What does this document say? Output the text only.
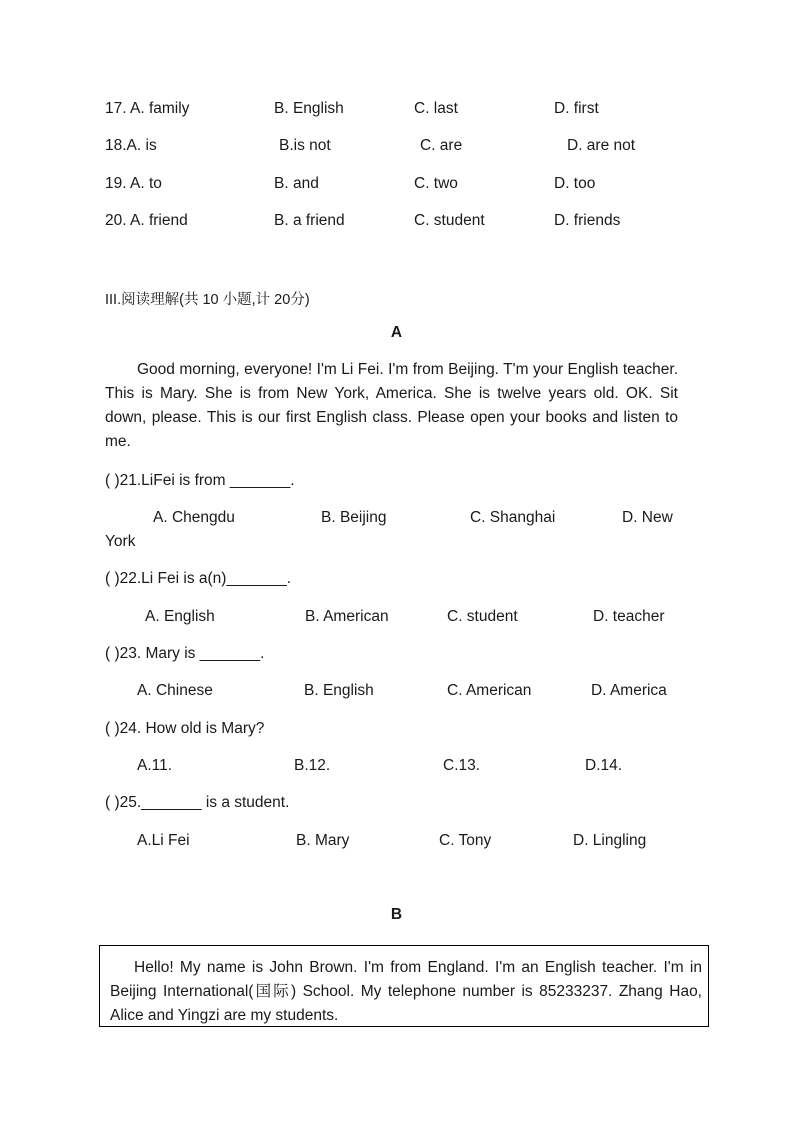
17. A. family	B. English	C. last	D. first
18.A. is	B.is not	C. are	D. are not
19. A. to	B. and	C. two	D. too
20. A. friend	B. a friend	C. student	D. friends
III.阅读理解(共 10 小题,计 20分)
A

Good morning, everyone! I'm Li Fei. I'm from Beijing. T'm your English teacher. This is Mary. She is from New York, America. She is twelve years old. OK. Sit down, please. This is our first English class. Please open your books and listen to me.

( )21.LiFei is from _______.
A. Chengdu	B. Beijing	C. Shanghai	D. New
York
( )22.Li Fei is a(n)_______.
A. English	B. American	C. student	D. teacher
( )23. Mary is _______.
A. Chinese	B. English	C. American	D. America
( )24. How old is Mary?
A.11.	B.12.	C.13.	D.14.
( )25._______ is a student.
A.Li Fei	B. Mary	C. Tony	D. Lingling
B

Hello! My name is John Brown. I'm from England. I'm an English teacher. I'm in Beijing International(国际) School. My telephone number is 85233237. Zhang Hao, Alice and Yingzi are my students.
